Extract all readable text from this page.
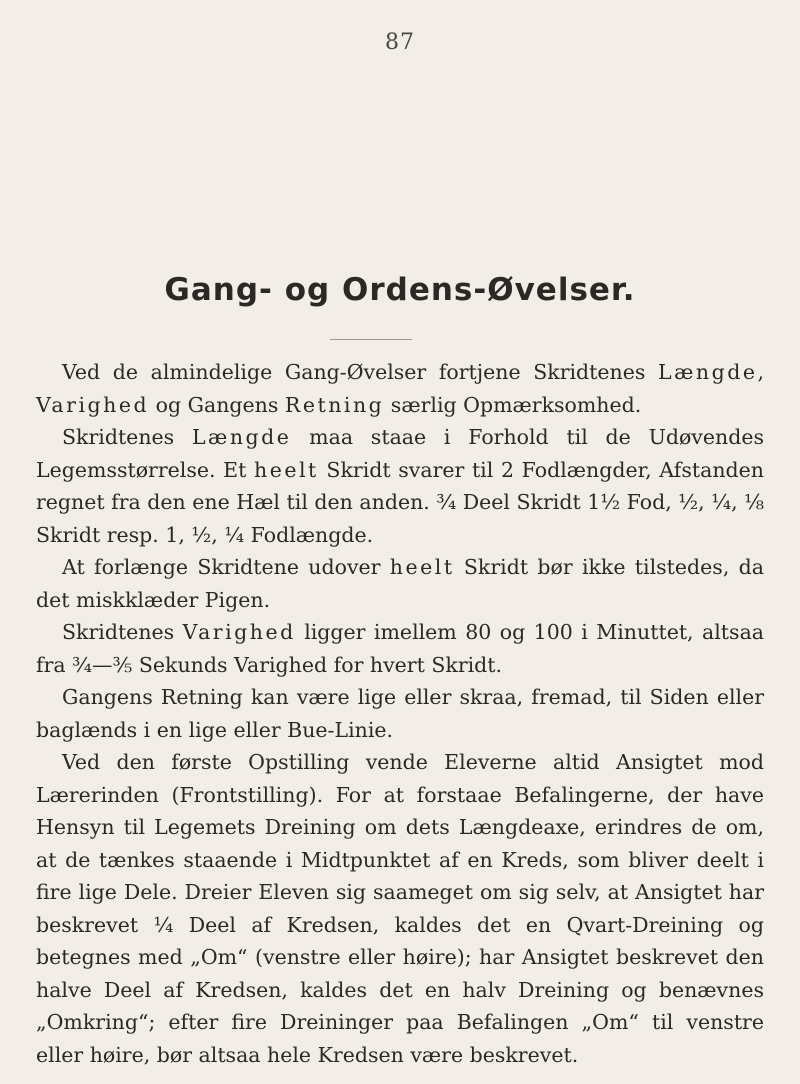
87
Gang- og Ordens-Øvelser.

Ved de almindelige Gang-Øvelser fortjene Skridtenes Længde, Varighed og Gangens Retning særlig Opmærksomhed.

Skridtenes Længde maa staae i Forhold til de Udøvendes Legemsstørrelse. Et heelt Skridt svarer til 2 Fodlængder, Afstanden regnet fra den ene Hæl til den anden. ¾ Deel Skridt 1½ Fod, ½, ¼, ⅛ Skridt resp. 1, ½, ¼ Fodlængde.

At forlænge Skridtene udover heelt Skridt bør ikke tilstedes, da det miskklæder Pigen.

Skridtenes Varighed ligger imellem 80 og 100 i Minuttet, altsaa fra ¾—⅗ Sekunds Varighed for hvert Skridt.

Gangens Retning kan være lige eller skraa, fremad, til Siden eller baglænds i en lige eller Bue-Linie.

Ved den første Opstilling vende Eleverne altid Ansigtet mod Lærerinden (Frontstilling). For at forstaae Befalingerne, der have Hensyn til Legemets Dreining om dets Længdeaxe, erindres de om, at de tænkes staaende i Midtpunktet af en Kreds, som bliver deelt i fire lige Dele. Dreier Eleven sig saameget om sig selv, at Ansigtet har beskrevet ¼ Deel af Kredsen, kaldes det en Qvart-Dreining og betegnes med „Om“ (venstre eller høire); har Ansigtet beskrevet den halve Deel af Kredsen, kaldes det en halv Dreining og benævnes „Omkring“; efter fire Dreininger paa Befalingen „Om“ til venstre eller høire, bør altsaa hele Kredsen være beskrevet.
